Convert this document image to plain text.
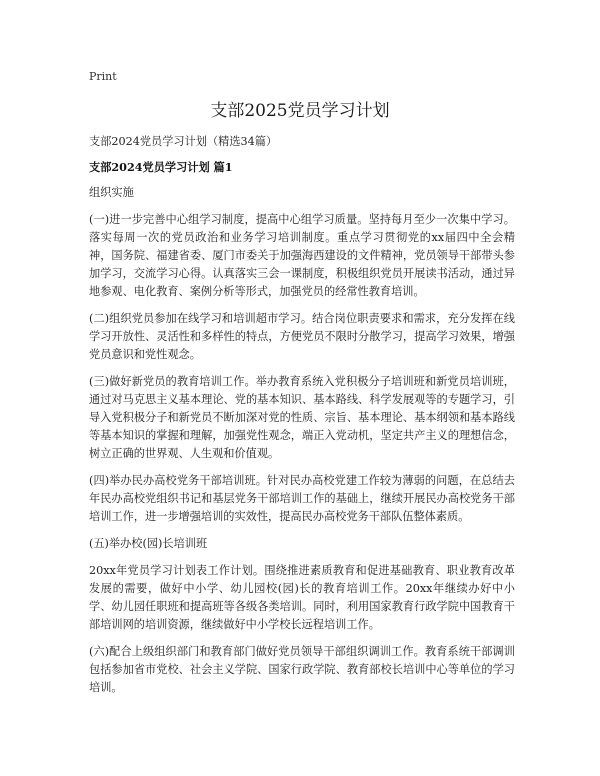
Print
支部2025党员学习计划
支部2024党员学习计划（精选34篇）
支部2024党员学习计划 篇1

组织实施

(一)进一步完善中心组学习制度，提高中心组学习质量。坚持每月至少一次集中学习。落实每周一次的党员政治和业务学习培训制度。重点学习贯彻党的xx届四中全会精神，国务院、福建省委、厦门市委关于加强海西建设的文件精神，党员领导干部带头参加学习，交流学习心得。认真落实三会一课制度，积极组织党员开展读书活动，通过异地参观、电化教育、案例分析等形式，加强党员的经常性教育培训。

(二)组织党员参加在线学习和培训超市学习。结合岗位职责要求和需求，充分发挥在线学习开放性、灵活性和多样性的特点，方便党员不限时分散学习，提高学习效果，增强党员意识和党性观念。

(三)做好新党员的教育培训工作。举办教育系统入党积极分子培训班和新党员培训班，通过对马克思主义基本理论、党的基本知识、基本路线、科学发展观等的专题学习，引导入党积极分子和新党员不断加深对党的性质、宗旨、基本理论、基本纲领和基本路线等基本知识的掌握和理解，加强党性观念，端正入党动机，坚定共产主义的理想信念，树立正确的世界观、人生观和价值观。

(四)举办民办高校党务干部培训班。针对民办高校党建工作较为薄弱的问题，在总结去年民办高校党组织书记和基层党务干部培训工作的基础上，继续开展民办高校党务干部培训工作，进一步增强培训的实效性，提高民办高校党务干部队伍整体素质。

(五)举办校(园)长培训班

20xx年党员学习计划表工作计划。围绕推进素质教育和促进基础教育、职业教育改革发展的需要，做好中小学、幼儿园校(园)长的教育培训工作。20xx年继续办好中小学、幼儿园任职班和提高班等各级各类培训。同时，利用国家教育行政学院中国教育干部培训网的培训资源，继续做好中小学校长远程培训工作。

(六)配合上级组织部门和教育部门做好党员领导干部组织调训工作。教育系统干部调训包括参加省市党校、社会主义学院、国家行政学院、教育部校长培训中心等单位的学习培训。
